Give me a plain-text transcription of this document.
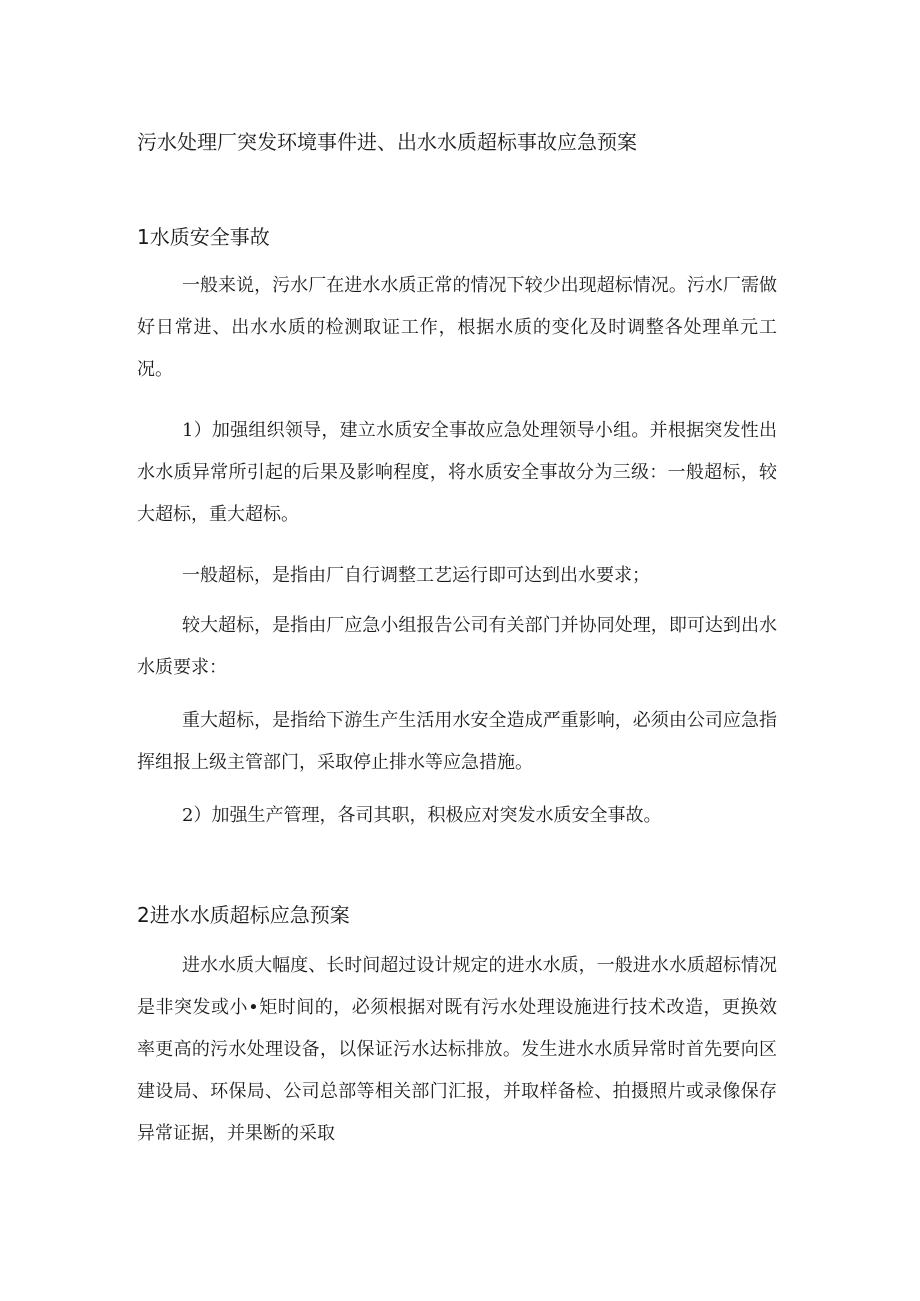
污水处理厂突发环境事件进、出水水质超标事故应急预案
1水质安全事故

一般来说，污水厂在进水水质正常的情况下较少出现超标情况。污水厂需做好日常进、出水水质的检测取证工作，根据水质的变化及时调整各处理单元工况。

1）加强组织领导，建立水质安全事故应急处理领导小组。并根据突发性出水水质异常所引起的后果及影响程度，将水质安全事故分为三级：一般超标，较大超标，重大超标。

一般超标，是指由厂自行调整工艺运行即可达到出水要求；

较大超标，是指由厂应急小组报告公司有关部门并协同处理，即可达到出水水质要求：

重大超标，是指给下游生产生活用水安全造成严重影响，必须由公司应急指挥组报上级主管部门，采取停止排水等应急措施。

2）加强生产管理，各司其职，积极应对突发水质安全事故。

2进水水质超标应急预案

进水水质大幅度、长时间超过设计规定的进水水质，一般进水水质超标情况是非突发或小•矩时间的，必须根据对既有污水处理设施进行技术改造，更换效率更高的污水处理设备，以保证污水达标排放。发生进水水质异常时首先要向区建设局、环保局、公司总部等相关部门汇报，并取样备检、拍摄照片或录像保存异常证据，并果断的采取
